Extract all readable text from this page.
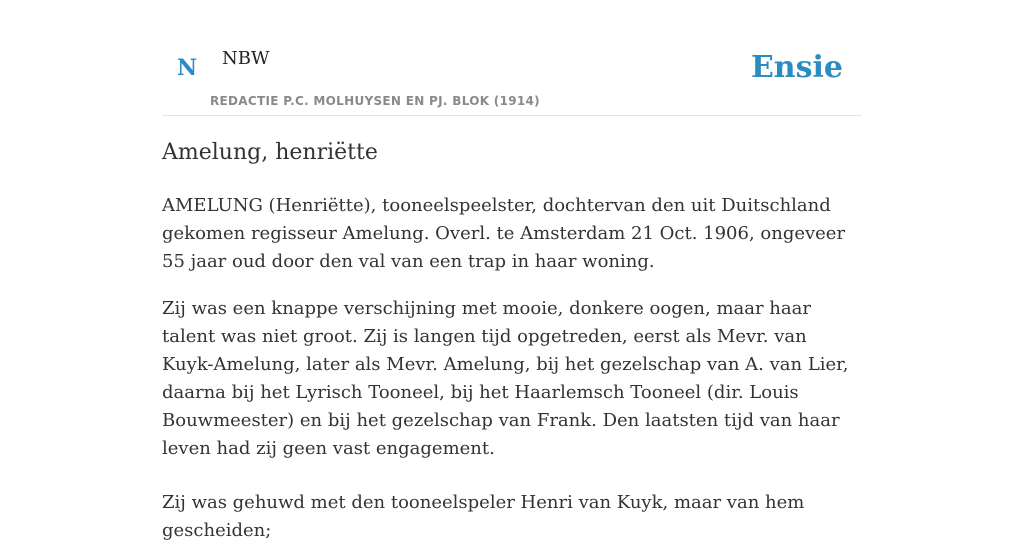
N NBW
REDACTIE P.C. MOLHUYSEN EN PJ. BLOK (1914)
Ensie
Amelung, henriëtte

AMELUNG (Henriëtte), tooneelspeelster, dochtervan den uit Duitschland gekomen regisseur Amelung. Overl. te Amsterdam 21 Oct. 1906, ongeveer 55 jaar oud door den val van een trap in haar woning.

Zij was een knappe verschijning met mooie, donkere oogen, maar haar talent was niet groot. Zij is langen tijd opgetreden, eerst als Mevr. van Kuyk-Amelung, later als Mevr. Amelung, bij het gezelschap van A. van Lier, daarna bij het Lyrisch Tooneel, bij het Haarlemsch Tooneel (dir. Louis Bouwmeester) en bij het gezelschap van Frank. Den laatsten tijd van haar leven had zij geen vast engagement.

Zij was gehuwd met den tooneelspeler Henri van Kuyk, maar van hem gescheiden;
